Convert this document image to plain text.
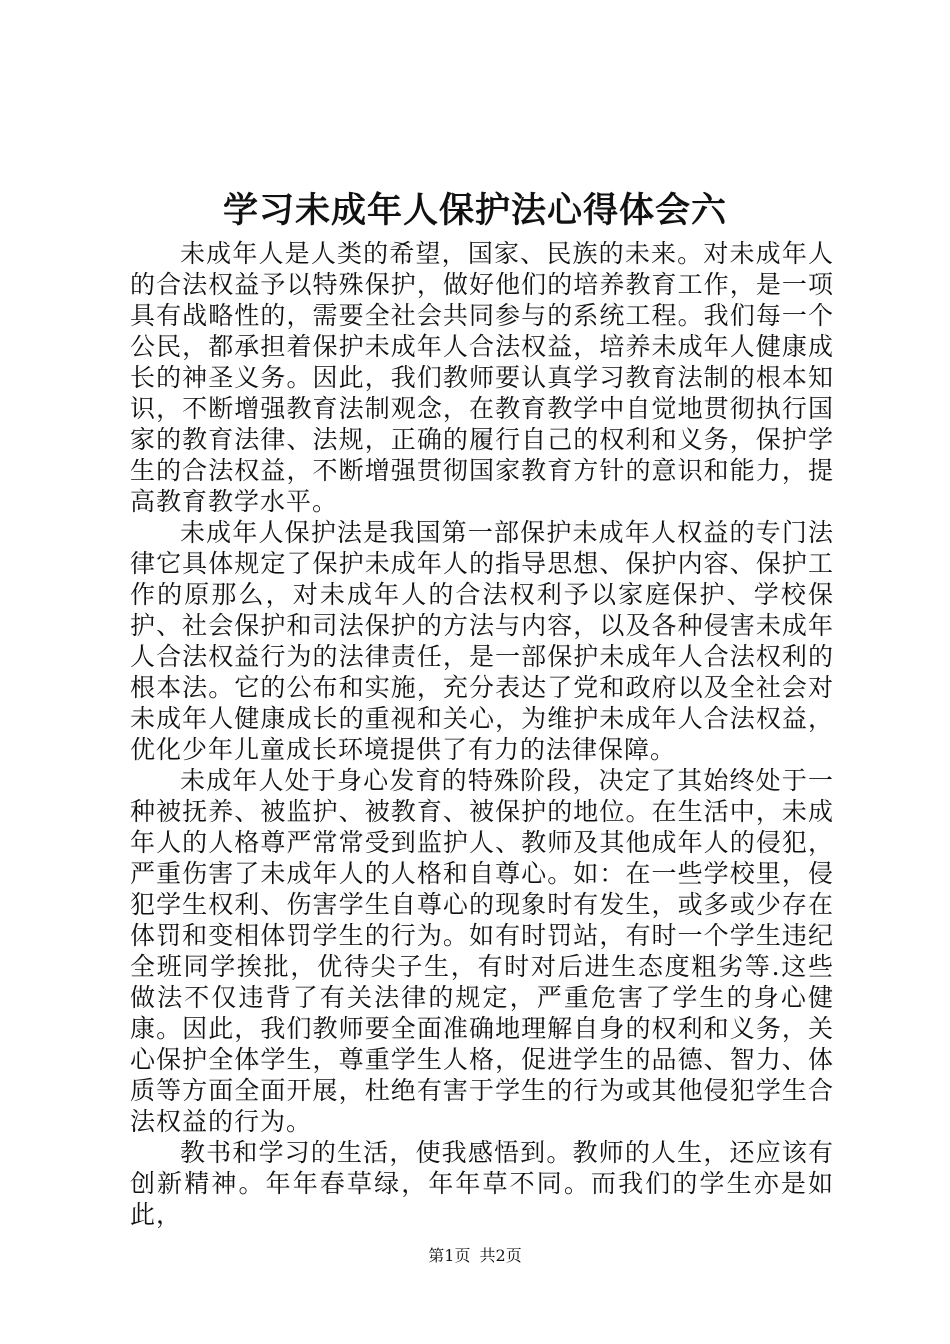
学习未成年人保护法心得体会六

未成年人是人类的希望，国家、民族的未来。对未成年人的合法权益予以特殊保护，做好他们的培养教育工作，是一项具有战略性的，需要全社会共同参与的系统工程。我们每一个公民，都承担着保护未成年人合法权益，培养未成年人健康成长的神圣义务。因此，我们教师要认真学习教育法制的根本知识，不断增强教育法制观念，在教育教学中自觉地贯彻执行国家的教育法律、法规，正确的履行自己的权利和义务，保护学生的合法权益，不断增强贯彻国家教育方针的意识和能力，提高教育教学水平。

未成年人保护法是我国第一部保护未成年人权益的专门法律它具体规定了保护未成年人的指导思想、保护内容、保护工作的原那么，对未成年人的合法权利予以家庭保护、学校保护、社会保护和司法保护的方法与内容，以及各种侵害未成年人合法权益行为的法律责任，是一部保护未成年人合法权利的根本法。它的公布和实施，充分表达了党和政府以及全社会对未成年人健康成长的重视和关心，为维护未成年人合法权益，优化少年儿童成长环境提供了有力的法律保障。

未成年人处于身心发育的特殊阶段，决定了其始终处于一种被抚养、被监护、被教育、被保护的地位。在生活中，未成年人的人格尊严常常受到监护人、教师及其他成年人的侵犯，严重伤害了未成年人的人格和自尊心。如：在一些学校里，侵犯学生权利、伤害学生自尊心的现象时有发生，或多或少存在体罚和变相体罚学生的行为。如有时罚站，有时一个学生违纪全班同学挨批，优待尖子生，有时对后进生态度粗劣等.这些做法不仅违背了有关法律的规定，严重危害了学生的身心健康。因此，我们教师要全面准确地理解自身的权利和义务，关心保护全体学生，尊重学生人格，促进学生的品德、智力、体质等方面全面开展，杜绝有害于学生的行为或其他侵犯学生合法权益的行为。

教书和学习的生活，使我感悟到。教师的人生，还应该有创新精神。年年春草绿，年年草不同。而我们的学生亦是如此，

第1页 共2页
